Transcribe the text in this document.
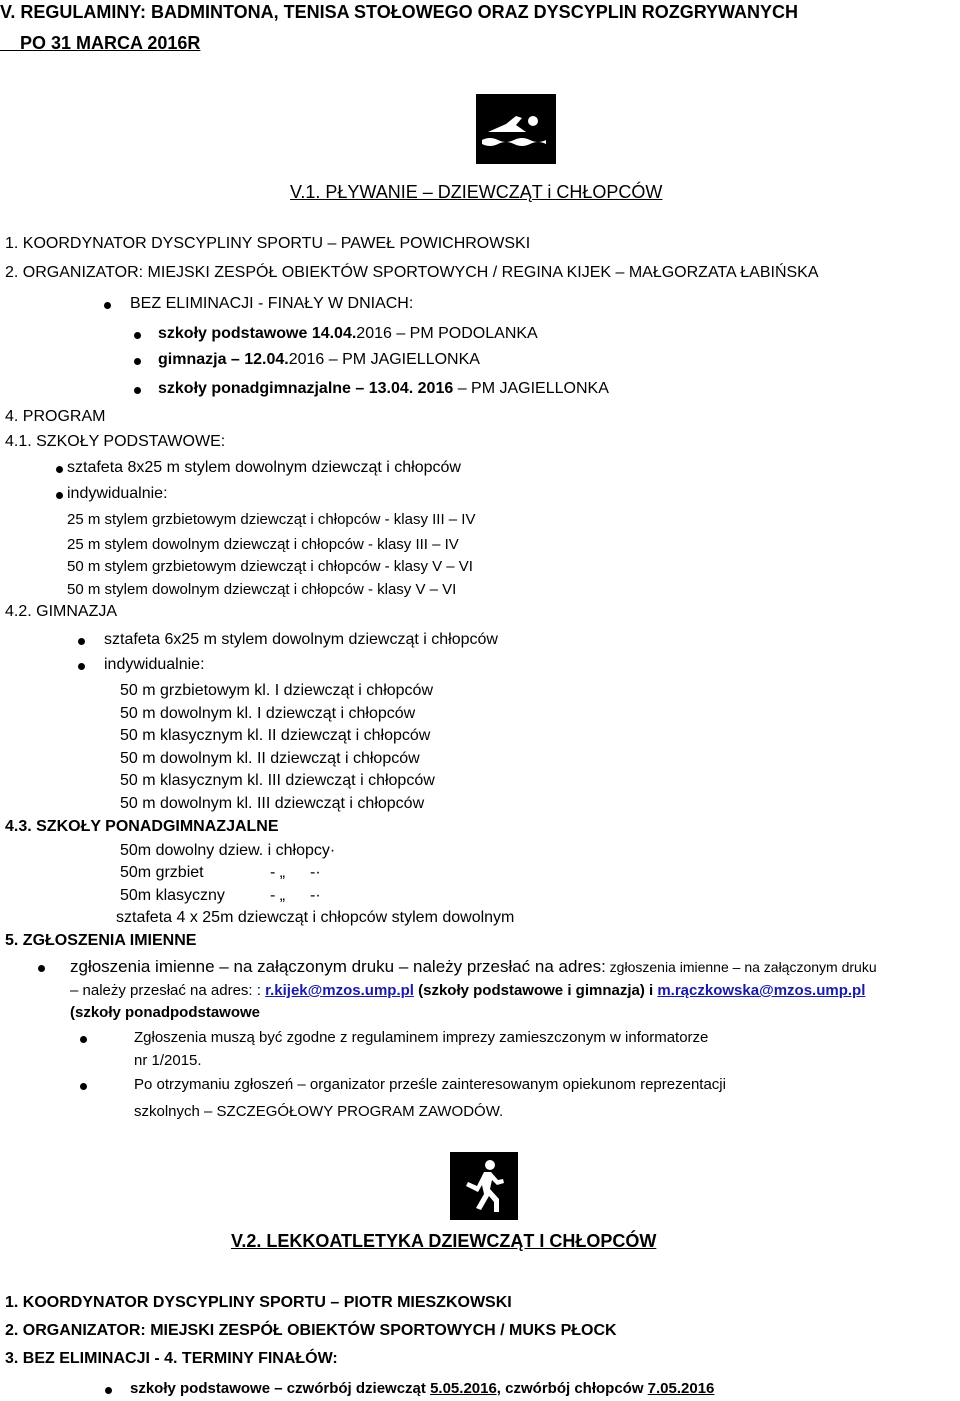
V. REGULAMINY: BADMINTONA, TENISA STOŁOWEGO ORAZ DYSCYPLIN ROZGRYWANYCH
PO 31 MARCA 2016R
V.1. PŁYWANIE – DZIEWCZĄT i CHŁOPCÓW
1. KOORDYNATOR DYSCYPLINY SPORTU – PAWEŁ POWICHROWSKI
2. ORGANIZATOR: MIEJSKI ZESPÓŁ OBIEKTÓW SPORTOWYCH / REGINA KIJEK – MAŁGORZATA ŁABIŃSKA
BEZ ELIMINACJI - FINAŁY W DNIACH:
szkoły podstawowe 14.04.2016 – PM PODOLANKA
gimnazja – 12.04.2016 – PM JAGIELLONKA
szkoły ponadgimnazjalne – 13.04. 2016 – PM JAGIELLONKA
4. PROGRAM
4.1. SZKOŁY PODSTAWOWE:
sztafeta 8x25 m stylem dowolnym dziewcząt i chłopców
indywidualnie:
25 m stylem grzbietowym dziewcząt i chłopców - klasy III – IV
25 m stylem dowolnym dziewcząt i chłopców - klasy III – IV
50 m stylem grzbietowym dziewcząt i chłopców - klasy V – VI
50 m stylem dowolnym dziewcząt i chłopców - klasy V – VI
4.2. GIMNAZJA
sztafeta 6x25 m stylem dowolnym dziewcząt i chłopców
indywidualnie:
50 m grzbietowym kl. I dziewcząt i chłopców
50 m dowolnym kl. I dziewcząt i chłopców
50 m klasycznym kl. II dziewcząt i chłopców
50 m dowolnym kl. II dziewcząt i chłopców
50 m klasycznym kl. III dziewcząt i chłopców
50 m dowolnym kl. III dziewcząt i chłopców
4.3. SZKOŁY PONADGIMNAZJALNE
50m dowolny dziew. i chłopcy·
50m grzbiet	- „ -·
50m klasyczny	- „ -·
sztafeta 4 x 25m dziewcząt i chłopców stylem dowolnym
5. ZGŁOSZENIA IMIENNE
zgłoszenia imienne – na załączonym druku – należy przesłać na adres: zgłoszenia imienne – na załączonym druku
– należy przesłać na adres: : r.kijek@mzos.ump.pl (szkoły podstawowe i gimnazja) i m.rączkowska@mzos.ump.pl
(szkoły ponadpodstawowe
Zgłoszenia muszą być zgodne z regulaminem imprezy zamieszczonym w informatorze
nr 1/2015.
Po otrzymaniu zgłoszeń – organizator prześle zainteresowanym opiekunom reprezentacji
szkolnych – SZCZEGÓŁOWY PROGRAM ZAWODÓW.
V.2. LEKKOATLETYKA DZIEWCZĄT I CHŁOPCÓW
1. KOORDYNATOR DYSCYPLINY SPORTU – PIOTR MIESZKOWSKI
2. ORGANIZATOR: MIEJSKI ZESPÓŁ OBIEKTÓW SPORTOWYCH / MUKS PŁOCK
3. BEZ ELIMINACJI - 4. TERMINY FINAŁÓW:
szkoły podstawowe – czwórbój dziewcząt 5.05.2016, czwórbój chłopców 7.05.2016
